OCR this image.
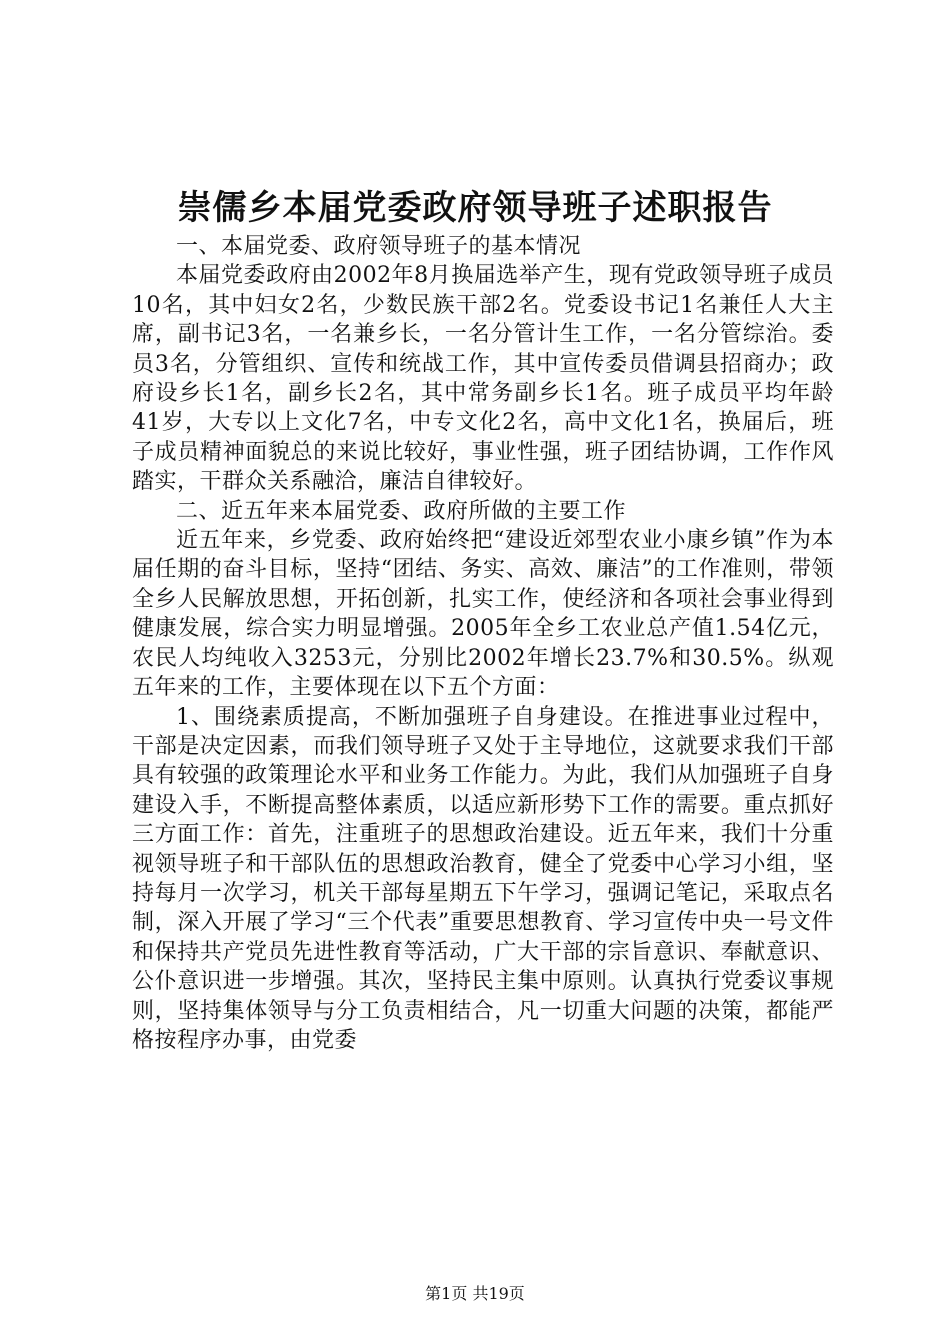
崇儒乡本届党委政府领导班子述职报告

一、本届党委、政府领导班子的基本情况

本届党委政府由2002年8月换届选举产生，现有党政领导班子成员10名，其中妇女2名，少数民族干部2名。党委设书记1名兼任人大主席，副书记3名，一名兼乡长，一名分管计生工作，一名分管综治。委员3名，分管组织、宣传和统战工作，其中宣传委员借调县招商办；政府设乡长1名，副乡长2名，其中常务副乡长1名。班子成员平均年龄41岁，大专以上文化7名，中专文化2名，高中文化1名，换届后，班子成员精神面貌总的来说比较好，事业性强，班子团结协调，工作作风踏实，干群众关系融洽，廉洁自律较好。

二、近五年来本届党委、政府所做的主要工作

近五年来，乡党委、政府始终把“建设近郊型农业小康乡镇”作为本届任期的奋斗目标，坚持“团结、务实、高效、廉洁”的工作准则，带领全乡人民解放思想，开拓创新，扎实工作，使经济和各项社会事业得到健康发展，综合实力明显增强。2005年全乡工农业总产值1.54亿元，农民人均纯收入3253元，分别比2002年增长23.7%和30.5%。纵观五年来的工作，主要体现在以下五个方面：

1、围绕素质提高，不断加强班子自身建设。在推进事业过程中，干部是决定因素，而我们领导班子又处于主导地位，这就要求我们干部具有较强的政策理论水平和业务工作能力。为此，我们从加强班子自身建设入手，不断提高整体素质，以适应新形势下工作的需要。重点抓好三方面工作：首先，注重班子的思想政治建设。近五年来，我们十分重视领导班子和干部队伍的思想政治教育，健全了党委中心学习小组，坚持每月一次学习，机关干部每星期五下午学习，强调记笔记，采取点名制，深入开展了学习“三个代表”重要思想教育、学习宣传中央一号文件和保持共产党员先进性教育等活动，广大干部的宗旨意识、奉献意识、公仆意识进一步增强。其次，坚持民主集中原则。认真执行党委议事规则，坚持集体领导与分工负责相结合，凡一切重大问题的决策，都能严格按程序办事，由党委

第1页 共19页
